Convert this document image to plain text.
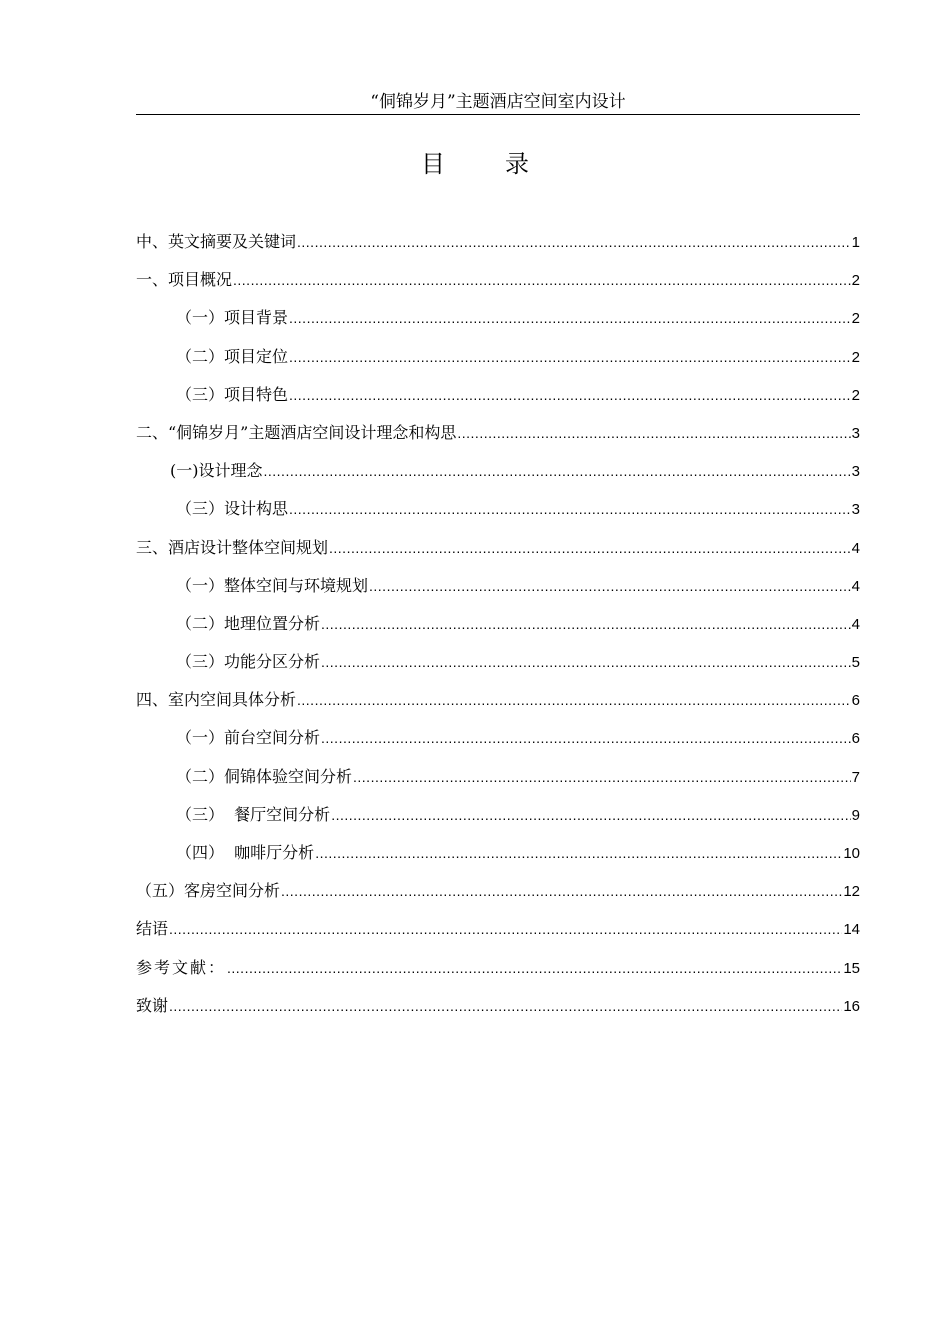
“侗锦岁月”主题酒店空间室内设计
目	录
中、英文摘要及关键词 .....	1
一、项目概况 .....	2
（一）项目背景 .....	2
（二）项目定位 .....	2
（三）项目特色 .....	2
二、“侗锦岁月”主题酒店空间设计理念和构思 .....	3
(一)设计理念 .....	3
（三）设计构思 .....	3
三、酒店设计整体空间规划 .....	4
（一）整体空间与环境规划 .....	4
（二）地理位置分析 .....	4
（三）功能分区分析 .....	5
四、室内空间具体分析 .....	6
（一）前台空间分析 .....	6
（二）侗锦体验空间分析 .....	7
（三）  餐厅空间分析 .....	9
（四）  咖啡厅分析 .....	10
（五）客房空间分析 .....	12
结语 .....	14
参考文献： .....	15
致谢 .....	16
